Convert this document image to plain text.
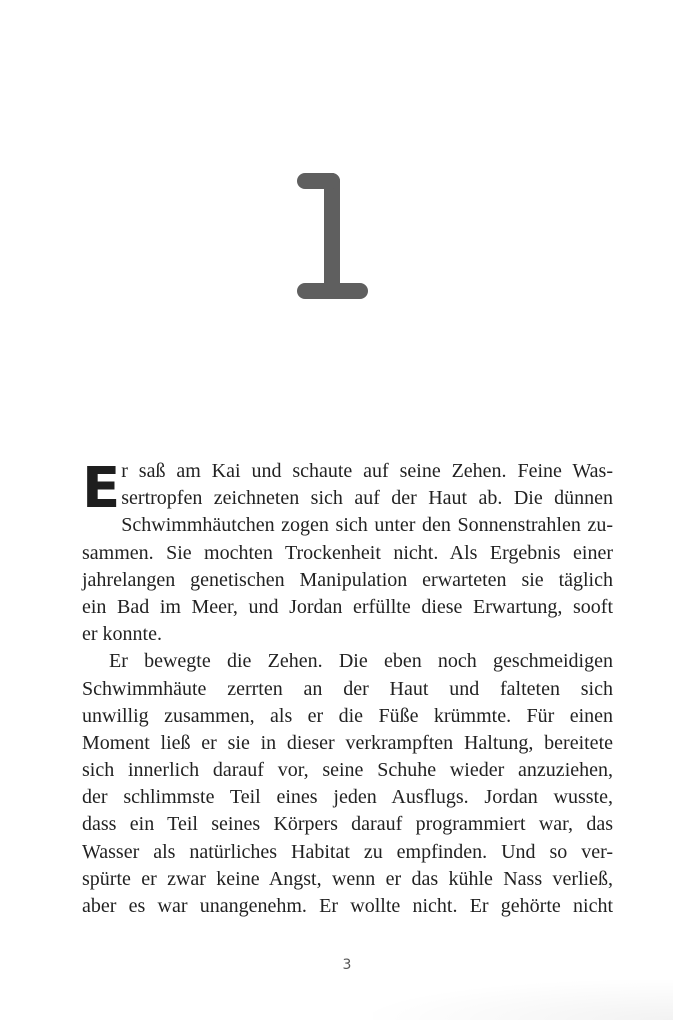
E r saß am Kai und schaute auf seine Zehen. Feine Was-
sertropfen zeichneten sich auf der Haut ab. Die dünnen
Schwimmhäutchen zogen sich unter den Sonnenstrahlen zu-
sammen. Sie mochten Trockenheit nicht. Als Ergebnis einer
jahrelangen genetischen Manipulation erwarteten sie täglich
ein Bad im Meer, und Jordan erfüllte diese Erwartung, sooft
er konnte.

Er bewegte die Zehen. Die eben noch geschmeidigen
Schwimmhäute zerrten an der Haut und falteten sich
unwillig zusammen, als er die Füße krümmte. Für einen
Moment ließ er sie in dieser verkrampften Haltung, bereitete
sich innerlich darauf vor, seine Schuhe wieder anzuziehen,
der schlimmste Teil eines jeden Ausflugs. Jordan wusste,
dass ein Teil seines Körpers darauf programmiert war, das
Wasser als natürliches Habitat zu empfinden. Und so ver-
spürte er zwar keine Angst, wenn er das kühle Nass verließ,
aber es war unangenehm. Er wollte nicht. Er gehörte nicht

3
